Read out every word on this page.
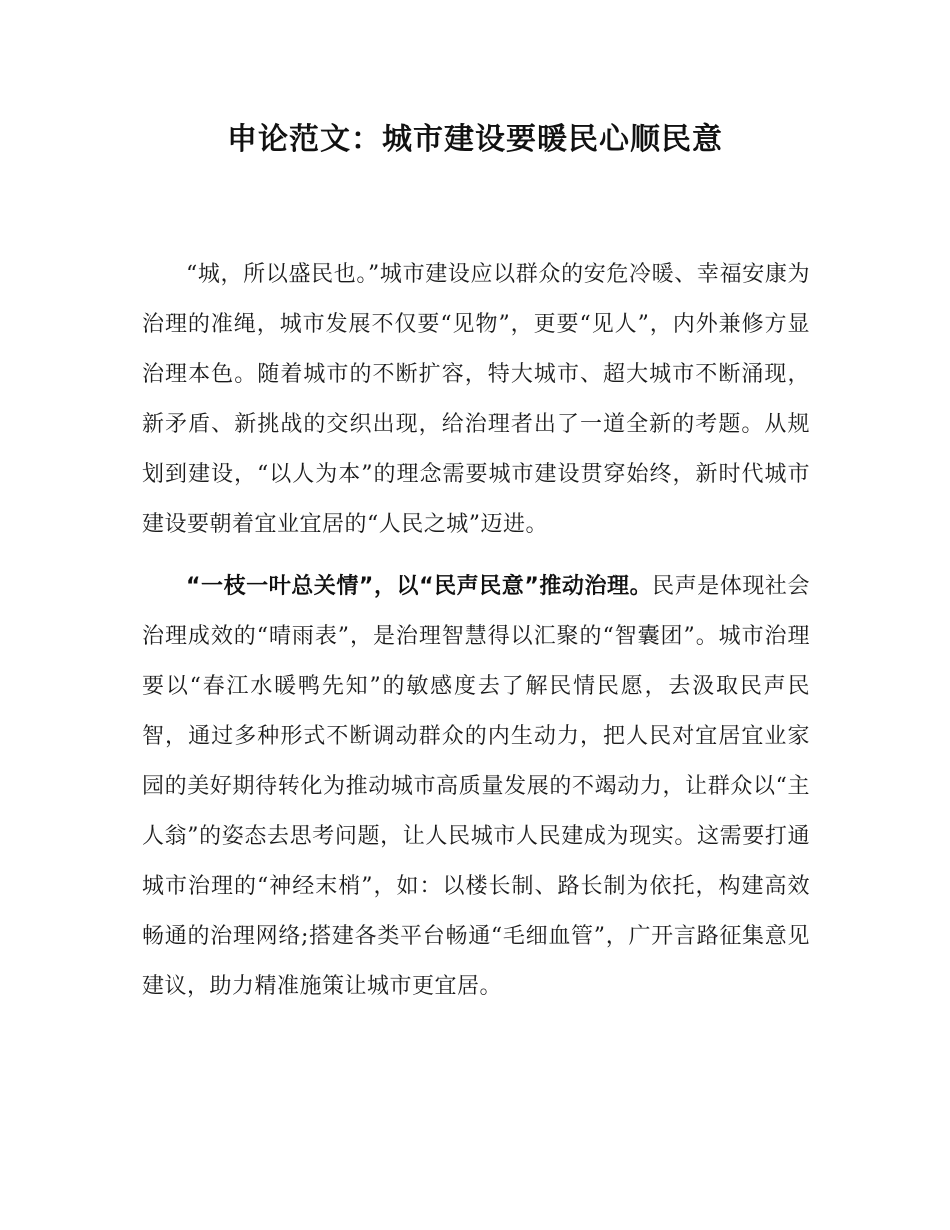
申论范文：城市建设要暖民心顺民意

“城，所以盛民也。”城市建设应以群众的安危冷暖、幸福安康为治理的准绳，城市发展不仅要“见物”，更要“见人”，内外兼修方显治理本色。随着城市的不断扩容，特大城市、超大城市不断涌现，新矛盾、新挑战的交织出现，给治理者出了一道全新的考题。从规划到建设，“以人为本”的理念需要城市建设贯穿始终，新时代城市建设要朝着宜业宜居的“人民之城”迈进。

“一枝一叶总关情”，以“民声民意”推动治理。民声是体现社会治理成效的“晴雨表”，是治理智慧得以汇聚的“智囊团”。城市治理要以“春江水暖鸭先知”的敏感度去了解民情民愿，去汲取民声民智，通过多种形式不断调动群众的内生动力，把人民对宜居宜业家园的美好期待转化为推动城市高质量发展的不竭动力，让群众以“主人翁”的姿态去思考问题，让人民城市人民建成为现实。这需要打通城市治理的“神经末梢”，如：以楼长制、路长制为依托，构建高效畅通的治理网络;搭建各类平台畅通“毛细血管”，广开言路征集意见建议，助力精准施策让城市更宜居。
